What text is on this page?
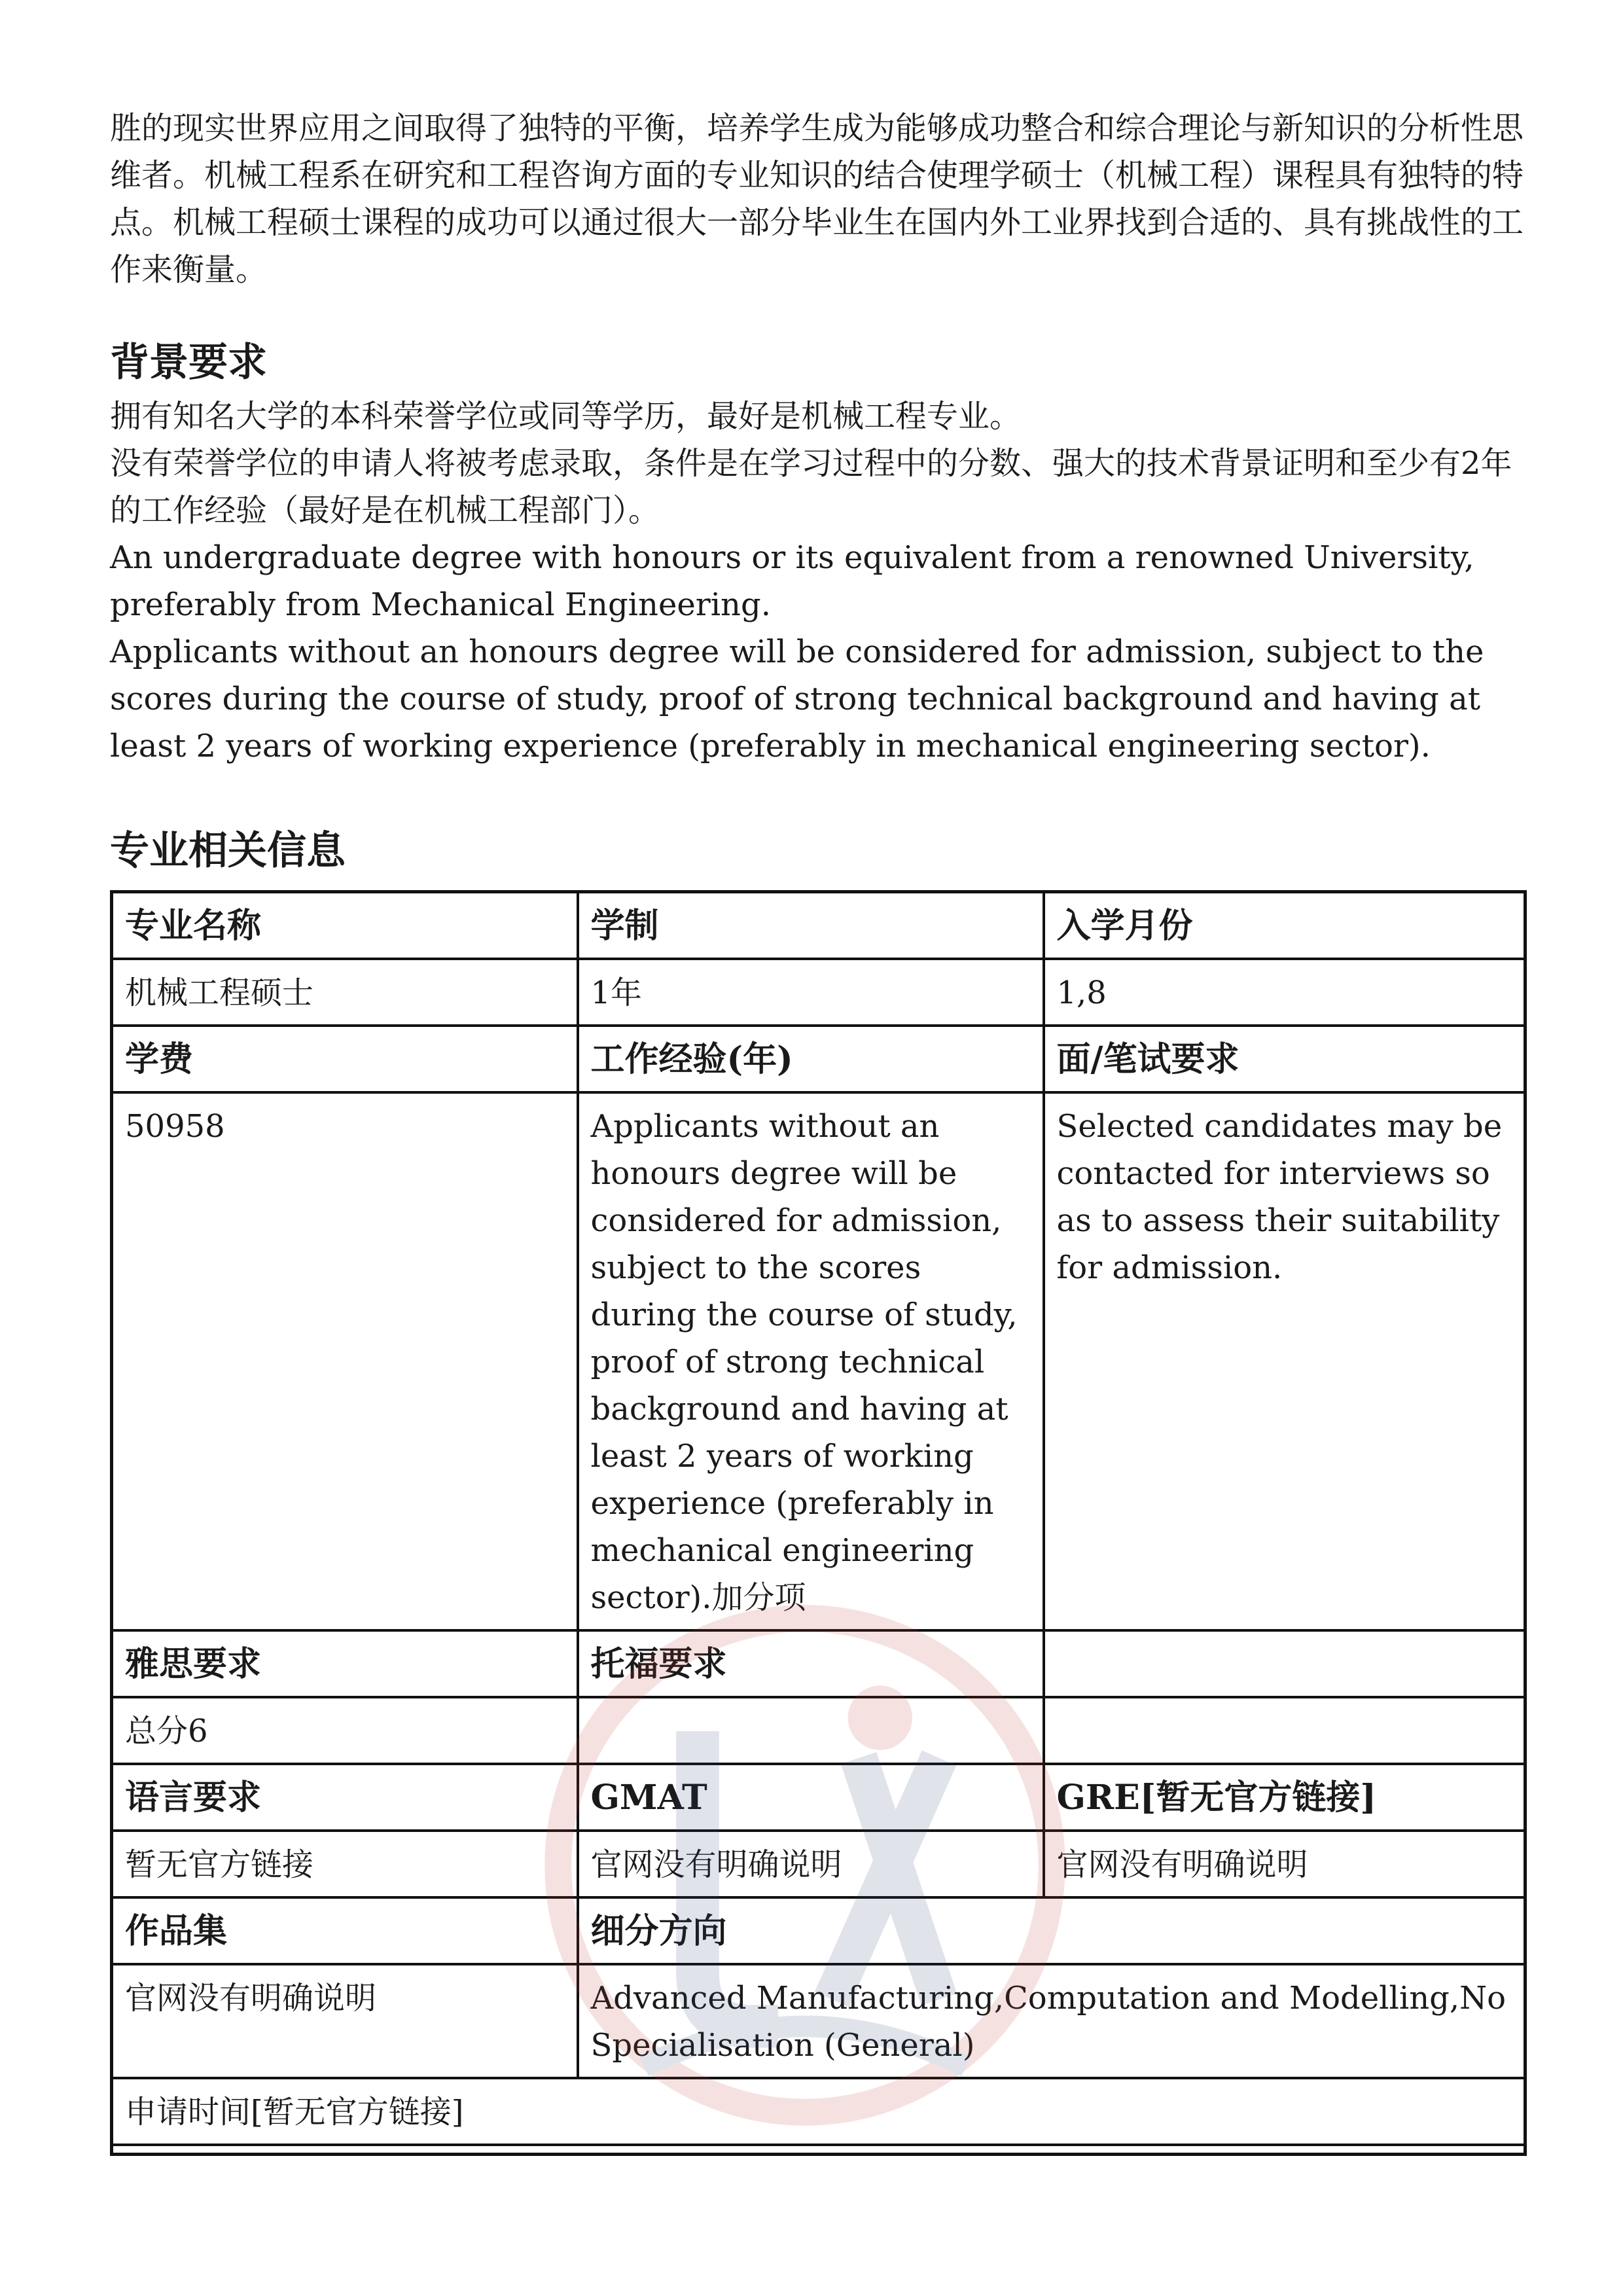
胜的现实世界应用之间取得了独特的平衡，培养学生成为能够成功整合和综合理论与新知识的分析性思维者。机械工程系在研究和工程咨询方面的专业知识的结合使理学硕士（机械工程）课程具有独特的特点。机械工程硕士课程的成功可以通过很大一部分毕业生在国内外工业界找到合适的、具有挑战性的工作来衡量。

背景要求

拥有知名大学的本科荣誉学位或同等学历，最好是机械工程专业。

没有荣誉学位的申请人将被考虑录取，条件是在学习过程中的分数、强大的技术背景证明和至少有2年的工作经验（最好是在机械工程部门）。

An undergraduate degree with honours or its equivalent from a renowned University, preferably from Mechanical Engineering.

Applicants without an honours degree will be considered for admission, subject to the scores during the course of study, proof of strong technical background and having at least 2 years of working experience (preferably in mechanical engineering sector).

专业相关信息
专业名称	学制	入学月份
机械工程硕士	1年	1,8
学费	工作经验(年)	面/笔试要求
50958	Applicants without an honours degree will be considered for admission, subject to the scores during the course of study, proof of strong technical background and having at least 2 years of working experience (preferably in mechanical engineering sector).加分项	Selected candidates may be contacted for interviews so as to assess their suitability for admission.
雅思要求	托福要求	
总分6		
语言要求	GMAT	GRE[暂无官方链接]
暂无官方链接	官网没有明确说明	官网没有明确说明
作品集	细分方向	
官网没有明确说明	Advanced Manufacturing,Computation and Modelling,No Specialisation (General)	
申请时间[暂无官方链接]		
